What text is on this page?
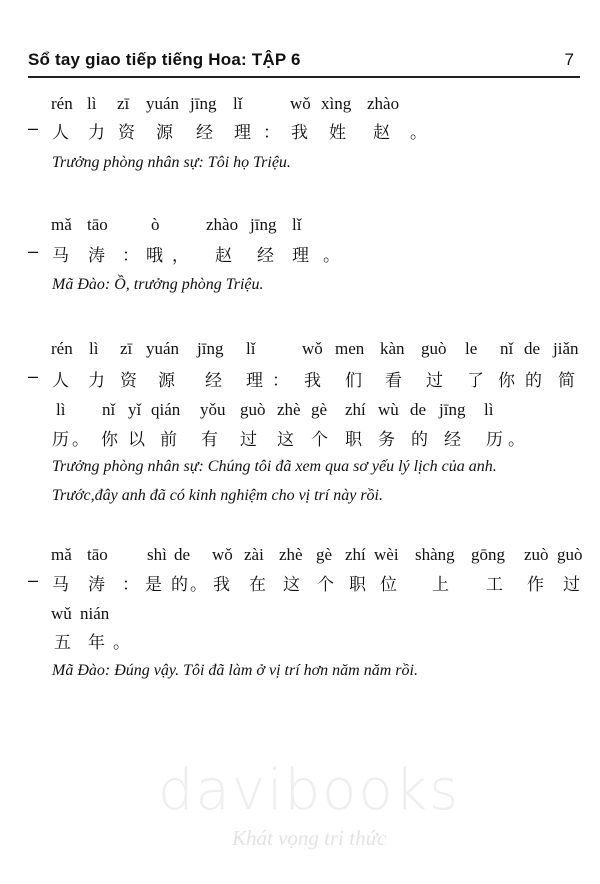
Sổ tay giao tiếp tiếng Hoa: TẬP 6	7
rén lì zī yuán jīng lǐ	wǒ xìng zhào
– 人 力 资 源 经 理 ： 我 姓 赵 。
Trưởng phòng nhân sự: Tôi họ Triệu.
mǎ tāo	ò	zhào jīng lǐ
– 马 涛 ： 哦 ， 赵 经 理 。
Mã Đào: Ồ, trưởng phòng Triệu.
rén lì zī yuán jīng lǐ	wǒ men kàn guò le nǐ de jiǎn
– 人 力 资 源 经 理 ： 我 们 看 过 了 你 的 简
lì nǐ yǐ qián yǒu guò zhè gè zhí wù de jīng lì
历 。 你 以 前 有 过 这 个 职 务 的 经 历 。
Trưởng phòng nhân sự: Chúng tôi đã xem qua sơ yếu lý lịch của anh.
Trước,đây anh đã có kinh nghiệm cho vị trí này rồi.
mǎ tāo shì de wǒ zài zhè gè zhí wèi shàng gōng zuò guò
– 马 涛 ： 是 的 。 我 在 这 个 职 位 上 工 作 过
wǔ nián
五 年 。
Mã Đào: Đúng vậy. Tôi đã làm ở vị trí hơn năm năm rồi.
davibooks
Khát vọng tri thức
